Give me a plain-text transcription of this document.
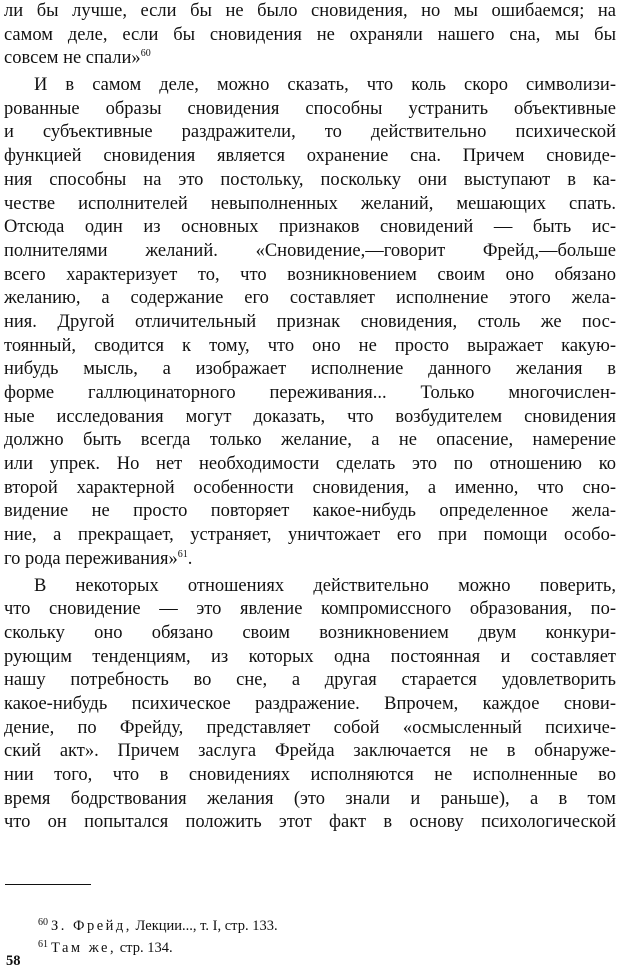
ли бы лучше, если бы не было сновидения, но мы ошибаемся; на
самом деле, если бы сновидения не охраняли нашего сна, мы бы
совсем не спали»$^{60}$
И в самом деле, можно сказать, что коль скоро символизи-
рованные образы сновидения способны устранить объективные
и субъективные раздражители, то действительно психической
функцией сновидения является охранение сна. Причем сновиде-
ния способны на это постольку, поскольку они выступают в ка-
честве исполнителей невыполненных желаний, мешающих спать.
Отсюда один из основных признаков сновидений — быть ис-
полнителями желаний. «Сновидение,—говорит Фрейд,—больше
всего характеризует то, что возникновением своим оно обязано
желанию, а содержание его составляет исполнение этого жела-
ния. Другой отличительный признак сновидения, столь же пос-
тоянный, сводится к тому, что оно не просто выражает какую-
нибудь мысль, а изображает исполнение данного желания в
форме галлюцинаторного переживания... Только многочислен-
ные исследования могут доказать, что возбудителем сновидения
должно быть всегда только желание, а не опасение, намерение
или упрек. Но нет необходимости сделать это по отношению ко
второй характерной особенности сновидения, а именно, что сно-
видение не просто повторяет какое-нибудь определенное жела-
ние, а прекращает, устраняет, уничтожает его при помощи особо-
го рода переживания»$^{61}$.
В некоторых отношениях действительно можно поверить,
что сновидение — это явление компромиссного образования, по-
скольку оно обязано своим возникновением двум конкури-
рующим тенденциям, из которых одна постоянная и составляет
нашу потребность во сне, а другая старается удовлетворить
какое-нибудь психическое раздражение. Впрочем, каждое снови-
дение, по Фрейду, представляет собой «осмысленный психиче-
ский акт». Причем заслуга Фрейда заключается не в обнаруже-
нии того, что в сновидениях исполняются не исполненные во
время бодрствования желания (это знали и раньше), а в том
что он попытался положить этот факт в основу психологической
$^{60}$ З. Фрейд, Лекции..., т. I, стр. 133.
$^{61}$ Там же, стр. 134.
58
